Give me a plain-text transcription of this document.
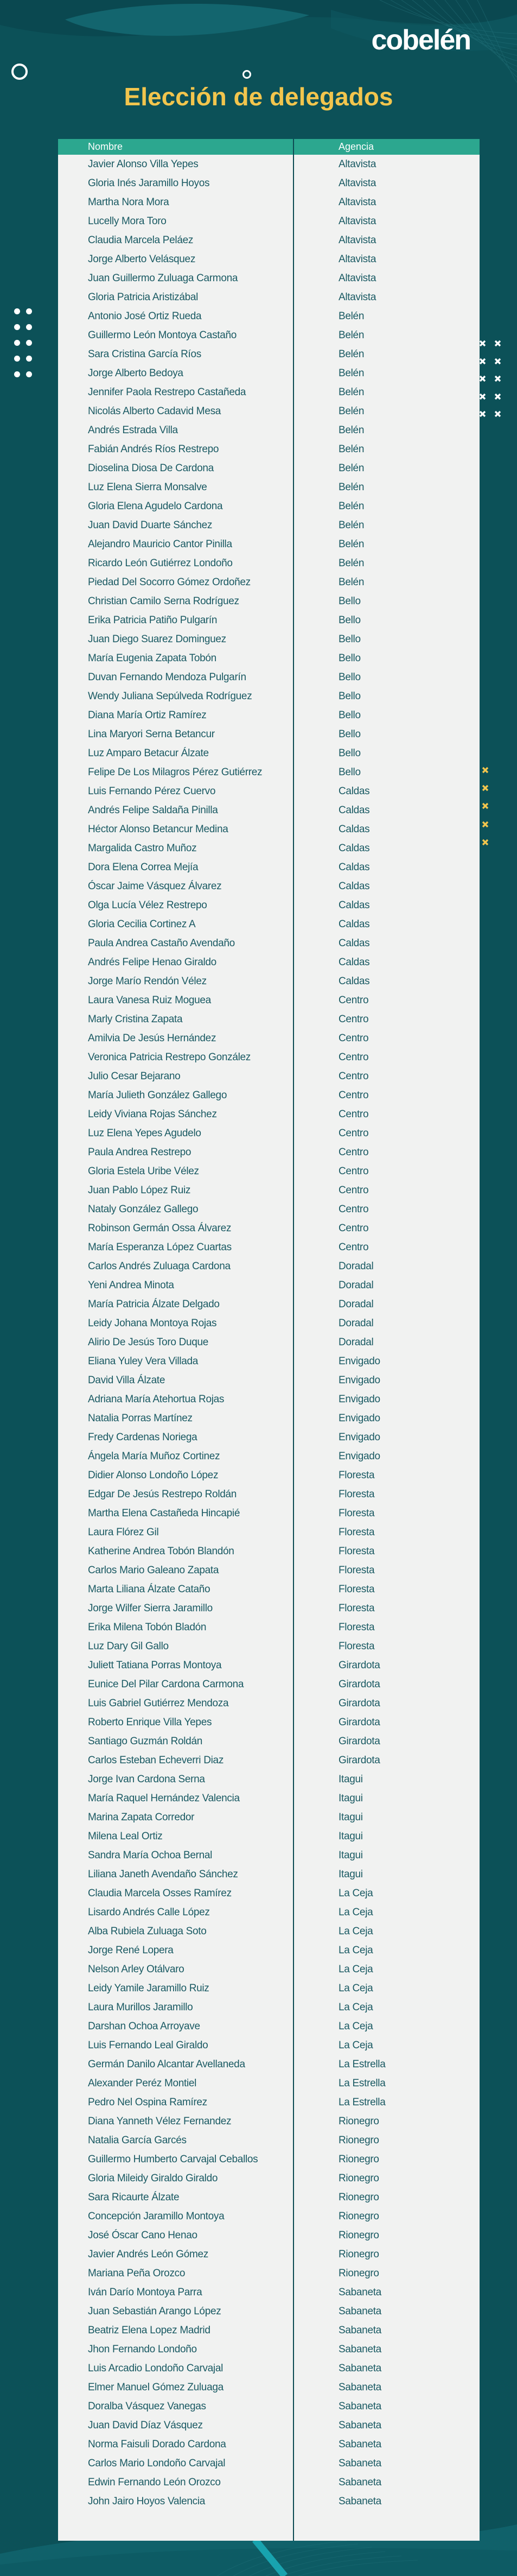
cobelén
Elección de delegados
Nombre	Agencia
Javier Alonso Villa Yepes	Altavista
Gloria Inés Jaramillo Hoyos	Altavista
Martha Nora Mora	Altavista
Lucelly Mora Toro	Altavista
Claudia Marcela Peláez	Altavista
Jorge Alberto Velásquez	Altavista
Juan Guillermo Zuluaga Carmona	Altavista
Gloria Patricia Aristizábal	Altavista
Antonio José Ortiz Rueda	Belén
Guillermo León Montoya Castaño	Belén
Sara Cristina García Ríos	Belén
Jorge Alberto Bedoya	Belén
Jennifer Paola Restrepo Castañeda	Belén
Nicolás Alberto Cadavid Mesa	Belén
Andrés Estrada Villa	Belén
Fabián Andrés Ríos Restrepo	Belén
Dioselina Diosa De Cardona	Belén
Luz Elena Sierra Monsalve	Belén
Gloria Elena Agudelo Cardona	Belén
Juan David Duarte Sánchez	Belén
Alejandro Mauricio Cantor Pinilla	Belén
Ricardo León Gutiérrez Londoño	Belén
Piedad Del Socorro Gómez Ordoñez	Belén
Christian Camilo Serna Rodríguez	Bello
Erika Patricia Patiño Pulgarín	Bello
Juan Diego Suarez Dominguez	Bello
María Eugenia Zapata Tobón	Bello
Duvan Fernando Mendoza Pulgarín	Bello
Wendy Juliana Sepúlveda Rodríguez	Bello
Diana María Ortiz Ramírez	Bello
Lina Maryori Serna Betancur	Bello
Luz Amparo Betacur Álzate	Bello
Felipe De Los Milagros Pérez Gutiérrez	Bello
Luis Fernando Pérez Cuervo	Caldas
Andrés Felipe Saldaña Pinilla	Caldas
Héctor Alonso Betancur Medina	Caldas
Margalida Castro Muñoz	Caldas
Dora Elena Correa Mejía	Caldas
Óscar Jaime Vásquez Álvarez	Caldas
Olga Lucía Vélez Restrepo	Caldas
Gloria Cecilia Cortinez A	Caldas
Paula Andrea Castaño Avendaño	Caldas
Andrés Felipe Henao Giraldo	Caldas
Jorge Marío Rendón Vélez	Caldas
Laura Vanesa Ruiz Moguea	Centro
Marly Cristina Zapata	Centro
Amilvia De Jesús Hernández	Centro
Veronica Patricia Restrepo González	Centro
Julio Cesar Bejarano	Centro
María Julieth González Gallego	Centro
Leidy Viviana Rojas Sánchez	Centro
Luz Elena Yepes Agudelo	Centro
Paula Andrea Restrepo	Centro
Gloria Estela Uribe Vélez	Centro
Juan Pablo López Ruiz	Centro
Nataly González Gallego	Centro
Robinson Germán Ossa Álvarez	Centro
María Esperanza López Cuartas	Centro
Carlos Andrés Zuluaga Cardona	Doradal
Yeni Andrea Minota	Doradal
María Patricia Álzate Delgado	Doradal
Leidy Johana Montoya Rojas	Doradal
Alirio De Jesús Toro Duque	Doradal
Eliana Yuley Vera Villada	Envigado
David Villa Álzate	Envigado
Adriana María Atehortua Rojas	Envigado
Natalia Porras Martínez	Envigado
Fredy Cardenas Noriega	Envigado
Ángela María Muñoz Cortinez	Envigado
Didier Alonso Londoño López	Floresta
Edgar De Jesús Restrepo Roldán	Floresta
Martha Elena Castañeda Hincapié	Floresta
Laura Flórez Gil	Floresta
Katherine Andrea Tobón Blandón	Floresta
Carlos Mario Galeano Zapata	Floresta
Marta Liliana Álzate Cataño	Floresta
Jorge Wilfer Sierra Jaramillo	Floresta
Erika Milena Tobón Bladón	Floresta
Luz Dary Gil Gallo	Floresta
Juliett Tatiana Porras Montoya	Girardota
Eunice Del Pilar Cardona Carmona	Girardota
Luis Gabriel Gutiérrez Mendoza	Girardota
Roberto Enrique Villa Yepes	Girardota
Santiago Guzmán Roldán	Girardota
Carlos Esteban Echeverri Diaz	Girardota
Jorge Ivan Cardona Serna	Itagui
María Raquel Hernández Valencia	Itagui
Marina Zapata Corredor	Itagui
Milena Leal Ortiz	Itagui
Sandra María Ochoa Bernal	Itagui
Liliana Janeth Avendaño Sánchez	Itagui
Claudia Marcela Osses Ramírez	La Ceja
Lisardo Andrés Calle López	La Ceja
Alba Rubiela Zuluaga Soto	La Ceja
Jorge René Lopera	La Ceja
Nelson Arley Otálvaro	La Ceja
Leidy Yamile Jaramillo Ruiz	La Ceja
Laura Murillos Jaramillo	La Ceja
Darshan Ochoa Arroyave	La Ceja
Luis Fernando Leal Giraldo	La Ceja
Germán Danilo Alcantar Avellaneda	La Estrella
Alexander Peréz Montiel	La Estrella
Pedro Nel Ospina Ramírez	La Estrella
Diana Yanneth Vélez Fernandez	Rionegro
Natalia García Garcés	Rionegro
Guillermo Humberto Carvajal Ceballos	Rionegro
Gloria Mileidy Giraldo Giraldo	Rionegro
Sara Ricaurte Álzate	Rionegro
Concepción Jaramillo Montoya	Rionegro
José Óscar Cano Henao	Rionegro
Javier Andrés León Gómez	Rionegro
Mariana Peña Orozco	Rionegro
Iván Darío Montoya Parra	Sabaneta
Juan Sebastián Arango López	Sabaneta
Beatriz Elena Lopez Madrid	Sabaneta
Jhon Fernando Londoño	Sabaneta
Luis Arcadio Londoño Carvajal	Sabaneta
Elmer Manuel Gómez Zuluaga	Sabaneta
Doralba Vásquez Vanegas	Sabaneta
Juan David Díaz Vásquez	Sabaneta
Norma Faisuli Dorado Cardona	Sabaneta
Carlos Mario Londoño Carvajal	Sabaneta
Edwin Fernando León Orozco	Sabaneta
John Jairo Hoyos Valencia	Sabaneta
